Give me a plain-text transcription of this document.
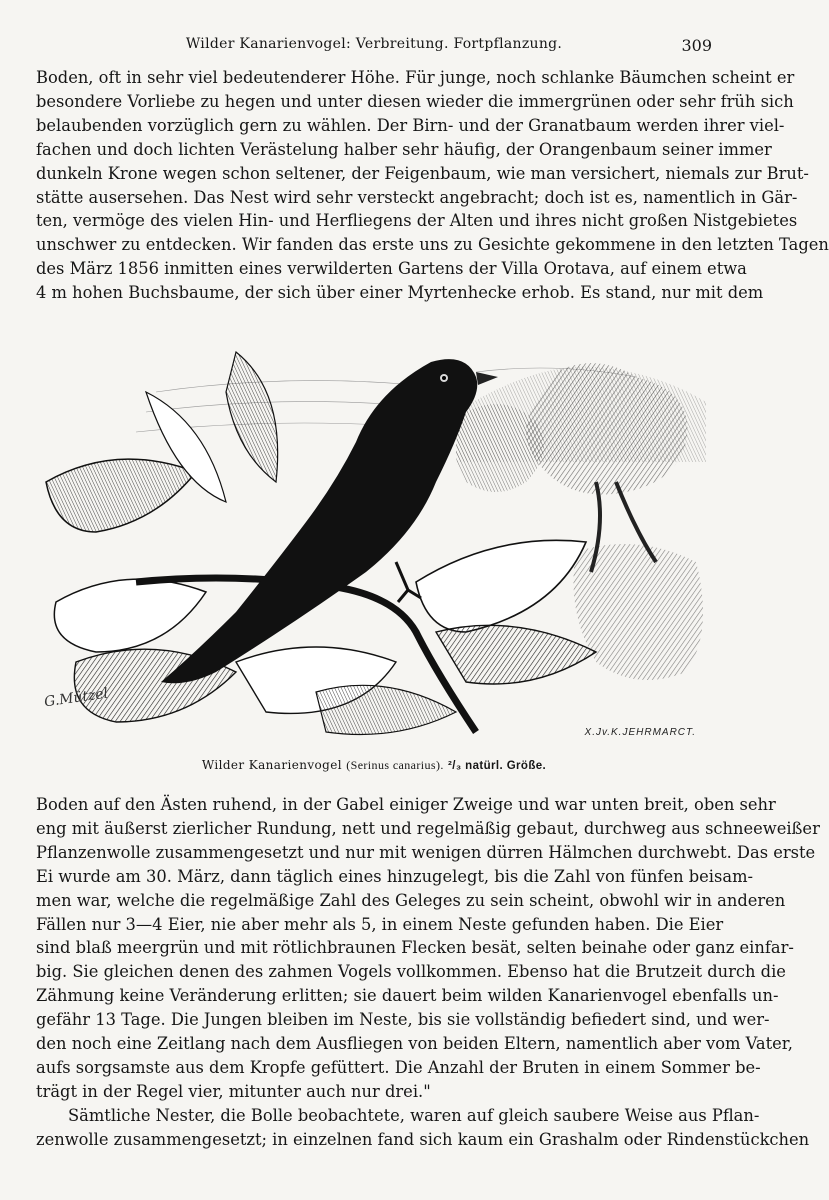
Wilder Kanarienvogel: Verbreitung. Fortpflanzung.	309
Boden, oft in sehr viel bedeutenderer Höhe. Für junge, noch schlanke Bäumchen scheint er
besondere Vorliebe zu hegen und unter diesen wieder die immergrünen oder sehr früh sich
belaubenden vorzüglich gern zu wählen. Der Birn- und der Granatbaum werden ihrer viel-
fachen und doch lichten Verästelung halber sehr häufig, der Orangenbaum seiner immer
dunkeln Krone wegen schon seltener, der Feigenbaum, wie man versichert, niemals zur Brut-
stätte ausersehen. Das Nest wird sehr versteckt angebracht; doch ist es, namentlich in Gär-
ten, vermöge des vielen Hin- und Herfliegens der Alten und ihres nicht großen Nistgebietes
unschwer zu entdecken. Wir fanden das erste uns zu Gesichte gekommene in den letzten Tagen
des März 1856 inmitten eines verwilderten Gartens der Villa Orotava, auf einem etwa
4 m hohen Buchsbaume, der sich über einer Myrtenhecke erhob. Es stand, nur mit dem
G.Mützel
X.Jv.K.JEHRMARCT.
Wilder Kanarienvogel (Serinus canarius). ²/₃ natürl. Größe.
Boden auf den Ästen ruhend, in der Gabel einiger Zweige und war unten breit, oben sehr
eng mit äußerst zierlicher Rundung, nett und regelmäßig gebaut, durchweg aus schneeweißer
Pflanzenwolle zusammengesetzt und nur mit wenigen dürren Hälmchen durchwebt. Das erste
Ei wurde am 30. März, dann täglich eines hinzugelegt, bis die Zahl von fünfen beisam-
men war, welche die regelmäßige Zahl des Geleges zu sein scheint, obwohl wir in anderen
Fällen nur 3—4 Eier, nie aber mehr als 5, in einem Neste gefunden haben. Die Eier
sind blaß meergrün und mit rötlichbraunen Flecken besät, selten beinahe oder ganz einfar-
big. Sie gleichen denen des zahmen Vogels vollkommen. Ebenso hat die Brutzeit durch die
Zähmung keine Veränderung erlitten; sie dauert beim wilden Kanarienvogel ebenfalls un-
gefähr 13 Tage. Die Jungen bleiben im Neste, bis sie vollständig befiedert sind, und wer-
den noch eine Zeitlang nach dem Ausfliegen von beiden Eltern, namentlich aber vom Vater,
aufs sorgsamste aus dem Kropfe gefüttert. Die Anzahl der Bruten in einem Sommer be-
trägt in der Regel vier, mitunter auch nur drei."
Sämtliche Nester, die Bolle beobachtete, waren auf gleich saubere Weise aus Pflan-
zenwolle zusammengesetzt; in einzelnen fand sich kaum ein Grashalm oder Rindenstückchen
